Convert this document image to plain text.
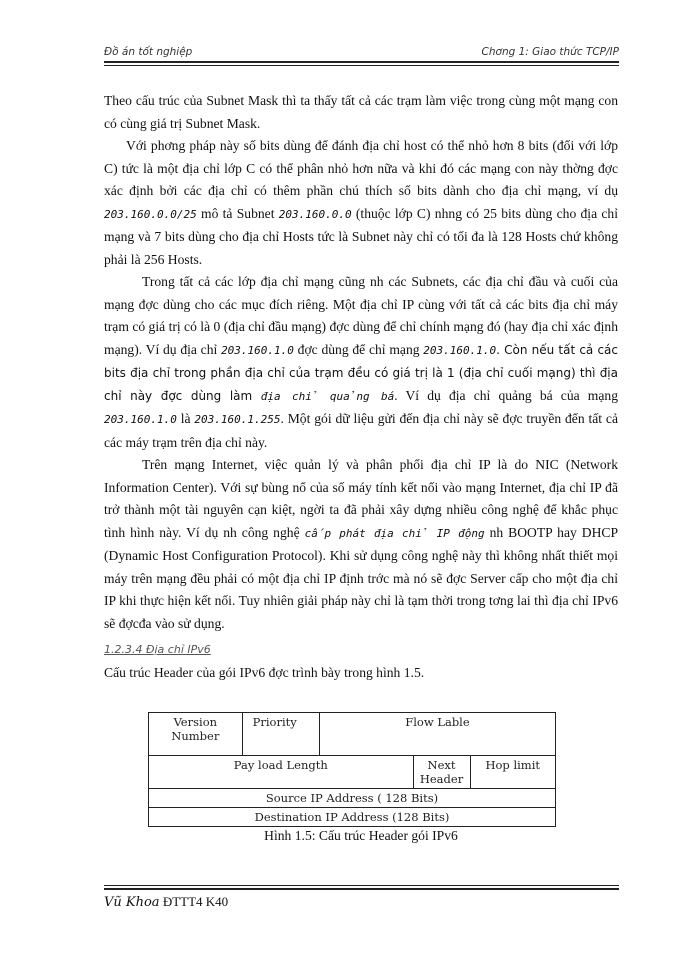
Đồ án tốt nghiệp	Chơng 1: Giao thức TCP/IP

Theo cấu trúc của Subnet Mask thì ta thấy tất cả các trạm làm việc trong cùng một mạng con có cùng giá trị Subnet Mask.

Với phơng pháp này số bits dùng để đánh địa chỉ host có thể nhỏ hơn 8 bits (đối với lớp C) tức là một địa chỉ lớp C có thể phân nhỏ hơn nữa và khi đó các mạng con này thờng đợc xác định bởi các địa chỉ có thêm phần chú thích số bits dành cho địa chỉ mạng, ví dụ 203.160.0.0/25 mô tả Subnet 203.160.0.0 (thuộc lớp C) nhng có 25 bits dùng cho địa chỉ mạng và 7 bits dùng cho địa chỉ Hosts tức là Subnet này chỉ có tối đa là 128 Hosts chứ không phải là 256 Hosts.

Trong tất cả các lớp địa chỉ mạng cũng nh các Subnets, các địa chỉ đầu và cuối của mạng đợc dùng cho các mục đích riêng. Một địa chỉ IP cùng với tất cả các bits địa chỉ máy trạm có giá trị có là 0 (địa chỉ đầu mạng) đợc dùng để chỉ chính mạng đó (hay địa chỉ xác định mạng). Ví dụ địa chỉ 203.160.1.0 đợc dùng để chỉ mạng 203.160.1.0. Còn nếu tất cả các bits địa chỉ trong phần địa chỉ của trạm đều có giá trị là 1 (địa chỉ cuối mạng) thì địa chỉ này đợc dùng làm địa chỉ quảng bá. Ví dụ địa chỉ quảng bá của mạng 203.160.1.0 là 203.160.1.255. Một gói dữ liệu gửi đến địa chỉ này sẽ đợc truyền đến tất cả các máy trạm trên địa chỉ này.

Trên mạng Internet, việc quản lý và phân phối địa chỉ IP là do NIC (Network Information Center). Với sự bùng nổ của số máy tính kết nối vào mạng Internet, địa chỉ IP đã trở thành một tài nguyên cạn kiệt, ngời ta đã phải xây dựng nhiều công nghệ để khắc phục tình hình này. Ví dụ nh công nghệ cấp phát địa chỉ IP động nh BOOTP hay DHCP (Dynamic Host Configuration Protocol). Khi sử dụng công nghệ này thì không nhất thiết mọi máy trên mạng đều phải có một địa chỉ IP định trớc mà nó sẽ đợc Server cấp cho một địa chỉ IP khi thực hiện kết nối. Tuy nhiên giải pháp này chỉ là tạm thời trong tơng lai thì địa chỉ IPv6 sẽ đợcđa vào sử dụng.

1.2.3.4 Địa chỉ IPv6

Cấu trúc Header của gói IPv6 đợc trình bày trong hình 1.5.

Version Number	Priority	Flow Lable		
Pay load Length			Next Header	Hop limit
Source IP Address ( 128 Bits)				
Destination IP Address (128 Bits)				
Hình 1.5: Cấu trúc Header gói IPv6
Vũ Khoa ĐTTT4 K40
